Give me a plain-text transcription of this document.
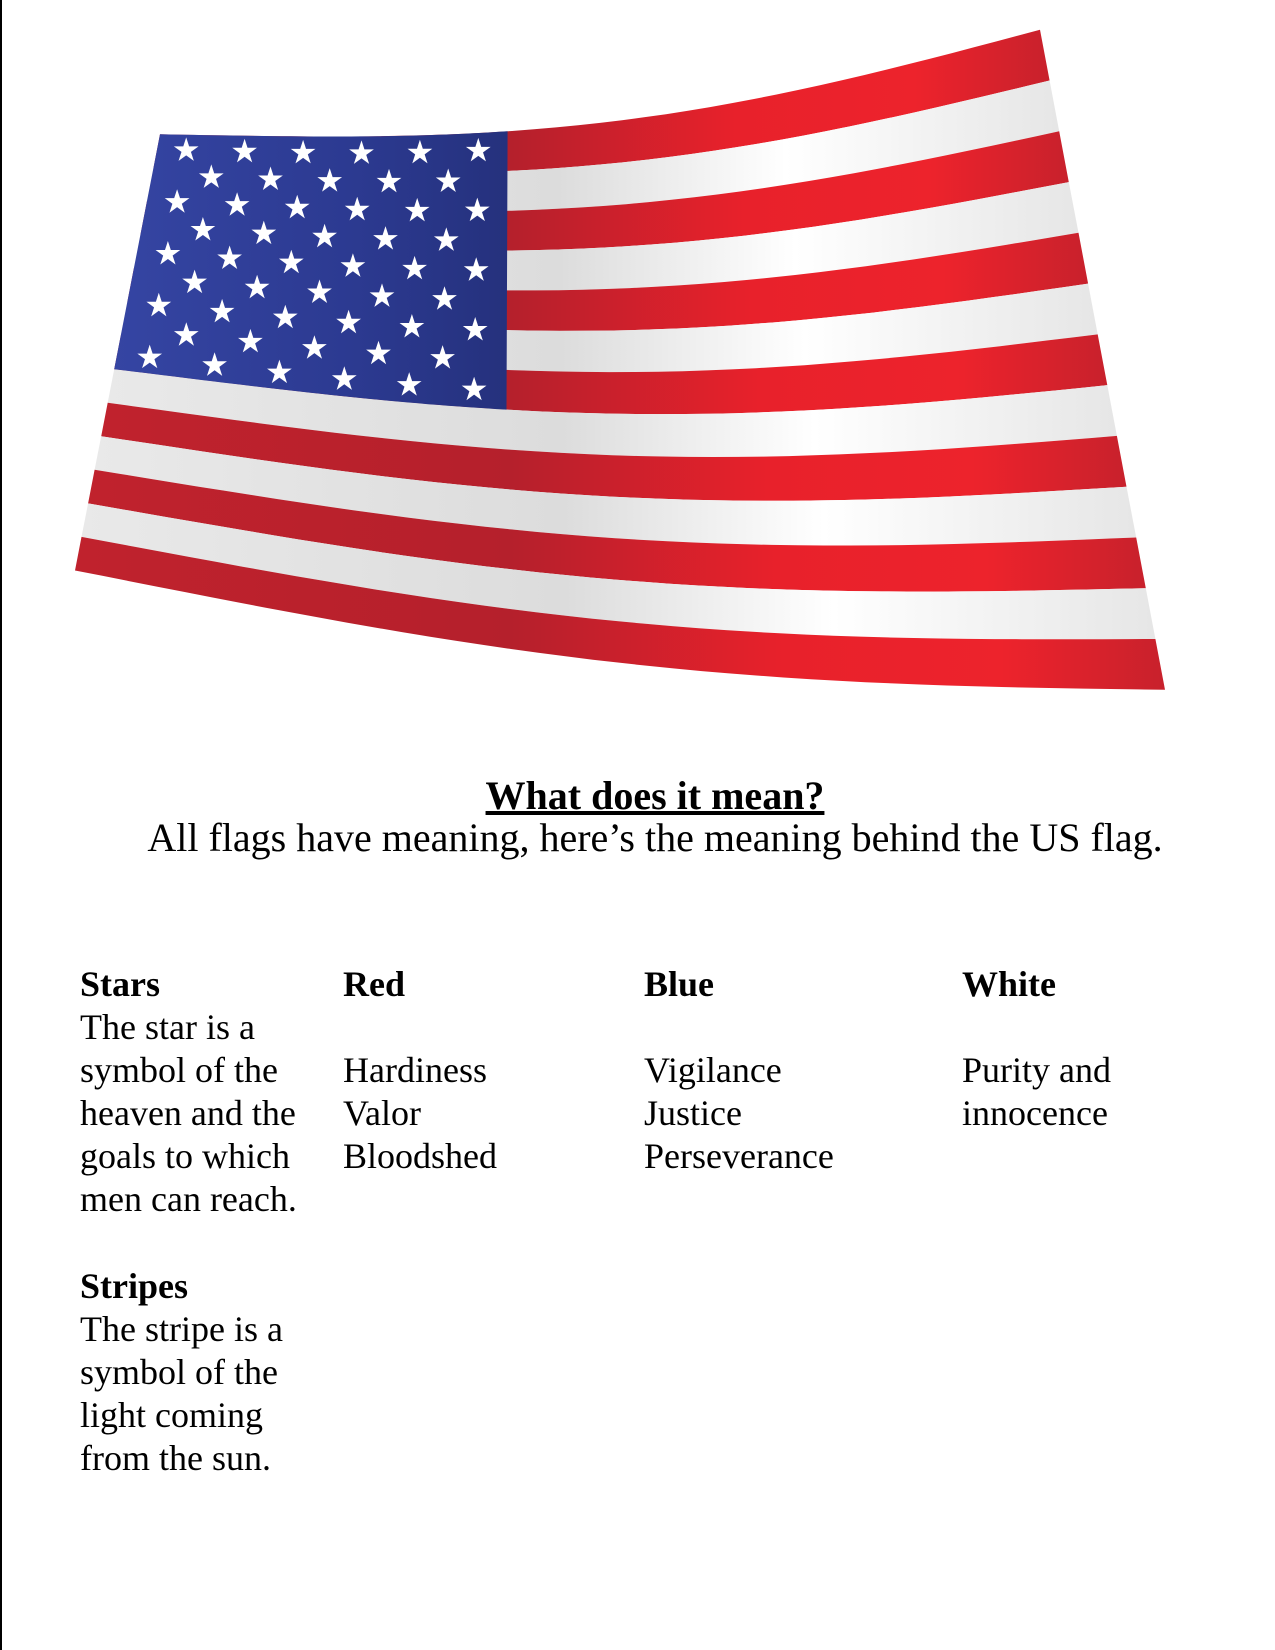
What does it mean?
All flags have meaning, here’s the meaning behind the US flag.
Stars
The star is a
symbol of the
heaven and the
goals to which
men can reach.
Red
Hardiness
Valor
Bloodshed
Blue
Vigilance
Justice
Perseverance
White
Purity and
innocence
Stripes
The stripe is a
symbol of the
light coming
from the sun.
